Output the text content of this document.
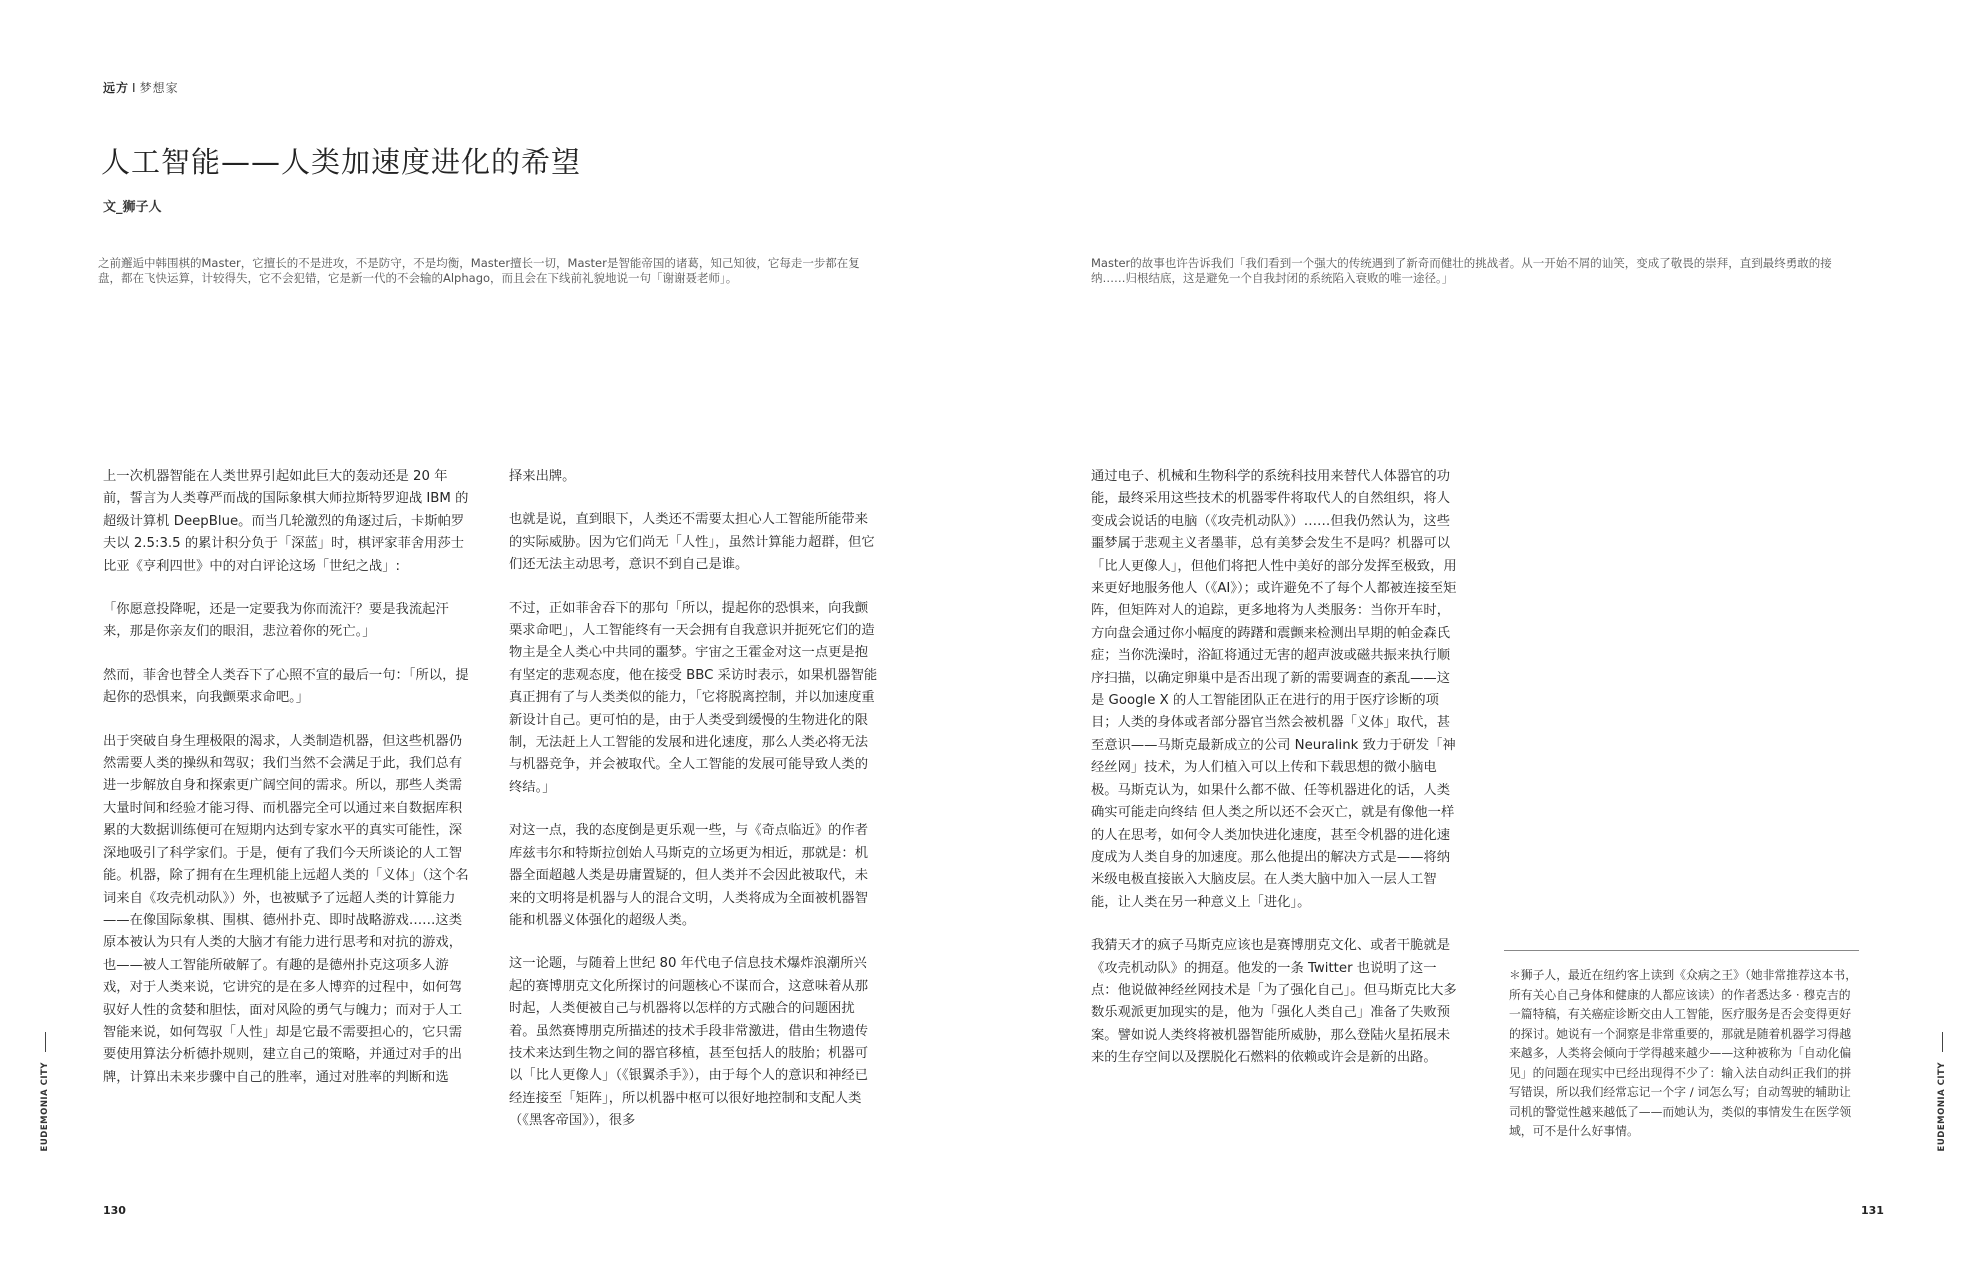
远方 I 梦想家
人工智能——人类加速度进化的希望
文_狮子人

之前邂逅中韩围棋的Master，它擅长的不是进攻，不是防守，不是均衡，Master擅长一切，Master是智能帝国的诸葛，知己知彼，它每走一步都在复盘，都在飞快运算，计较得失，它不会犯错，它是新一代的不会输的Alphago，而且会在下线前礼貌地说一句「谢谢聂老师」。

上一次机器智能在人类世界引起如此巨大的轰动还是 20 年前，誓言为人类尊严而战的国际象棋大师拉斯特罗迎战 IBM 的超级计算机 DeepBlue。而当几轮激烈的角逐过后，卡斯帕罗夫以 2.5:3.5 的累计积分负于「深蓝」时，棋评家菲舍用莎士比亚《亨利四世》中的对白评论这场「世纪之战」:

「你愿意投降呢，还是一定要我为你而流汗？要是我流起汗来，那是你亲友们的眼泪，悲泣着你的死亡。」

然而，菲舍也替全人类吞下了心照不宣的最后一句：「所以，提起你的恐惧来，向我颤栗求命吧。」

出于突破自身生理极限的渴求，人类制造机器，但这些机器仍然需要人类的操纵和驾驭；我们当然不会满足于此，我们总有进一步解放自身和探索更广阔空间的需求。所以，那些人类需大量时间和经验才能习得、而机器完全可以通过来自数据库积累的大数据训练便可在短期内达到专家水平的真实可能性，深深地吸引了科学家们。于是，便有了我们今天所谈论的人工智能。机器，除了拥有在生理机能上远超人类的「义体」（这个名词来自《攻壳机动队》）外，也被赋予了远超人类的计算能力——在像国际象棋、围棋、德州扑克、即时战略游戏……这类原本被认为只有人类的大脑才有能力进行思考和对抗的游戏，也——被人工智能所破解了。有趣的是德州扑克这项多人游戏，对于人类来说，它讲究的是在多人博弈的过程中，如何驾驭好人性的贪婪和胆怯，面对风险的勇气与魄力；而对于人工智能来说，如何驾驭「人性」却是它最不需要担心的，它只需要使用算法分析德扑规则，建立自己的策略，并通过对手的出牌，计算出未来步骤中自己的胜率，通过对胜率的判断和选

择来出牌。

也就是说，直到眼下，人类还不需要太担心人工智能所能带来的实际威胁。因为它们尚无「人性」，虽然计算能力超群，但它们还无法主动思考，意识不到自己是谁。

不过，正如菲舍吞下的那句「所以，提起你的恐惧来，向我颤栗求命吧」，人工智能终有一天会拥有自我意识并扼死它们的造物主是全人类心中共同的噩梦。宇宙之王霍金对这一点更是抱有坚定的悲观态度，他在接受 BBC 采访时表示，如果机器智能真正拥有了与人类类似的能力，「它将脱离控制，并以加速度重新设计自己。更可怕的是，由于人类受到缓慢的生物进化的限制，无法赶上人工智能的发展和进化速度，那么人类必将无法与机器竞争，并会被取代。全人工智能的发展可能导致人类的终结。」

对这一点，我的态度倒是更乐观一些，与《奇点临近》的作者库兹韦尔和特斯拉创始人马斯克的立场更为相近，那就是：机器全面超越人类是毋庸置疑的，但人类并不会因此被取代，未来的文明将是机器与人的混合文明，人类将成为全面被机器智能和机器义体强化的超级人类。

这一论题，与随着上世纪 80 年代电子信息技术爆炸浪潮所兴起的赛博朋克文化所探讨的问题核心不谋而合，这意味着从那时起，人类便被自己与机器将以怎样的方式融合的问题困扰着。虽然赛博朋克所描述的技术手段非常激进，借由生物遗传技术来达到生物之间的器官移植，甚至包括人的肢胎；机器可以「比人更像人」（《银翼杀手》），由于每个人的意识和神经已经连接至「矩阵」，所以机器中枢可以很好地控制和支配人类（《黑客帝国》），很多

EUDEMONIA CITY
130

Master的故事也许告诉我们「我们看到一个强大的传统遇到了新奇而健壮的挑战者。从一开始不屑的讪笑，变成了敬畏的崇拜，直到最终勇敢的接纳……归根结底，这是避免一个自我封闭的系统陷入衰败的唯一途径。」

通过电子、机械和生物科学的系统科技用来替代人体器官的功能，最终采用这些技术的机器零件将取代人的自然组织，将人变成会说话的电脑（《攻壳机动队》）……但我仍然认为，这些噩梦属于悲观主义者墨菲，总有美梦会发生不是吗？机器可以「比人更像人」，但他们将把人性中美好的部分发挥至极致，用来更好地服务他人（《AI》）；或许避免不了每个人都被连接至矩阵，但矩阵对人的追踪，更多地将为人类服务：当你开车时，方向盘会通过你小幅度的踌躇和震颤来检测出早期的帕金森氏症；当你洗澡时，浴缸将通过无害的超声波或磁共振来执行顺序扫描，以确定卵巢中是否出现了新的需要调查的紊乱——这是 Google X 的人工智能团队正在进行的用于医疗诊断的项目；人类的身体或者部分器官当然会被机器「义体」取代，甚至意识——马斯克最新成立的公司 Neuralink 致力于研发「神经丝网」技术，为人们植入可以上传和下载思想的微小脑电极。马斯克认为，如果什么都不做、任等机器进化的话，人类确实可能走向终结 但人类之所以还不会灭亡，就是有像他一样的人在思考，如何令人类加快进化速度，甚至令机器的进化速度成为人类自身的加速度。那么他提出的解决方式是——将纳米级电极直接嵌入大脑皮层。在人类大脑中加入一层人工智能，让人类在另一种意义上「进化」。

我猜天才的疯子马斯克应该也是赛博朋克文化、或者干脆就是《攻壳机动队》的拥趸。他发的一条 Twitter 也说明了这一点：他说做神经丝网技术是「为了强化自己」。但马斯克比大多数乐观派更加现实的是，他为「强化人类自己」准备了失败预案。譬如说人类终将被机器智能所威胁，那么登陆火星拓展未来的生存空间以及摆脱化石燃料的依赖或许会是新的出路。

＊狮子人，最近在纽约客上读到《众病之王》（她非常推荐这本书，所有关心自己身体和健康的人都应该读）的作者悉达多 · 穆克吉的一篇特稿，有关癌症诊断交由人工智能，医疗服务是否会变得更好的探讨。她说有一个洞察是非常重要的，那就是随着机器学习得越来越多，人类将会倾向于学得越来越少——这种被称为「自动化偏见」的问题在现实中已经出现得不少了：输入法自动纠正我们的拼写错误，所以我们经常忘记一个字 / 词怎么写；自动驾驶的辅助让司机的警觉性越来越低了——而她认为，类似的事情发生在医学领域，可不是什么好事情。	EUDEMONIA CITY
131
